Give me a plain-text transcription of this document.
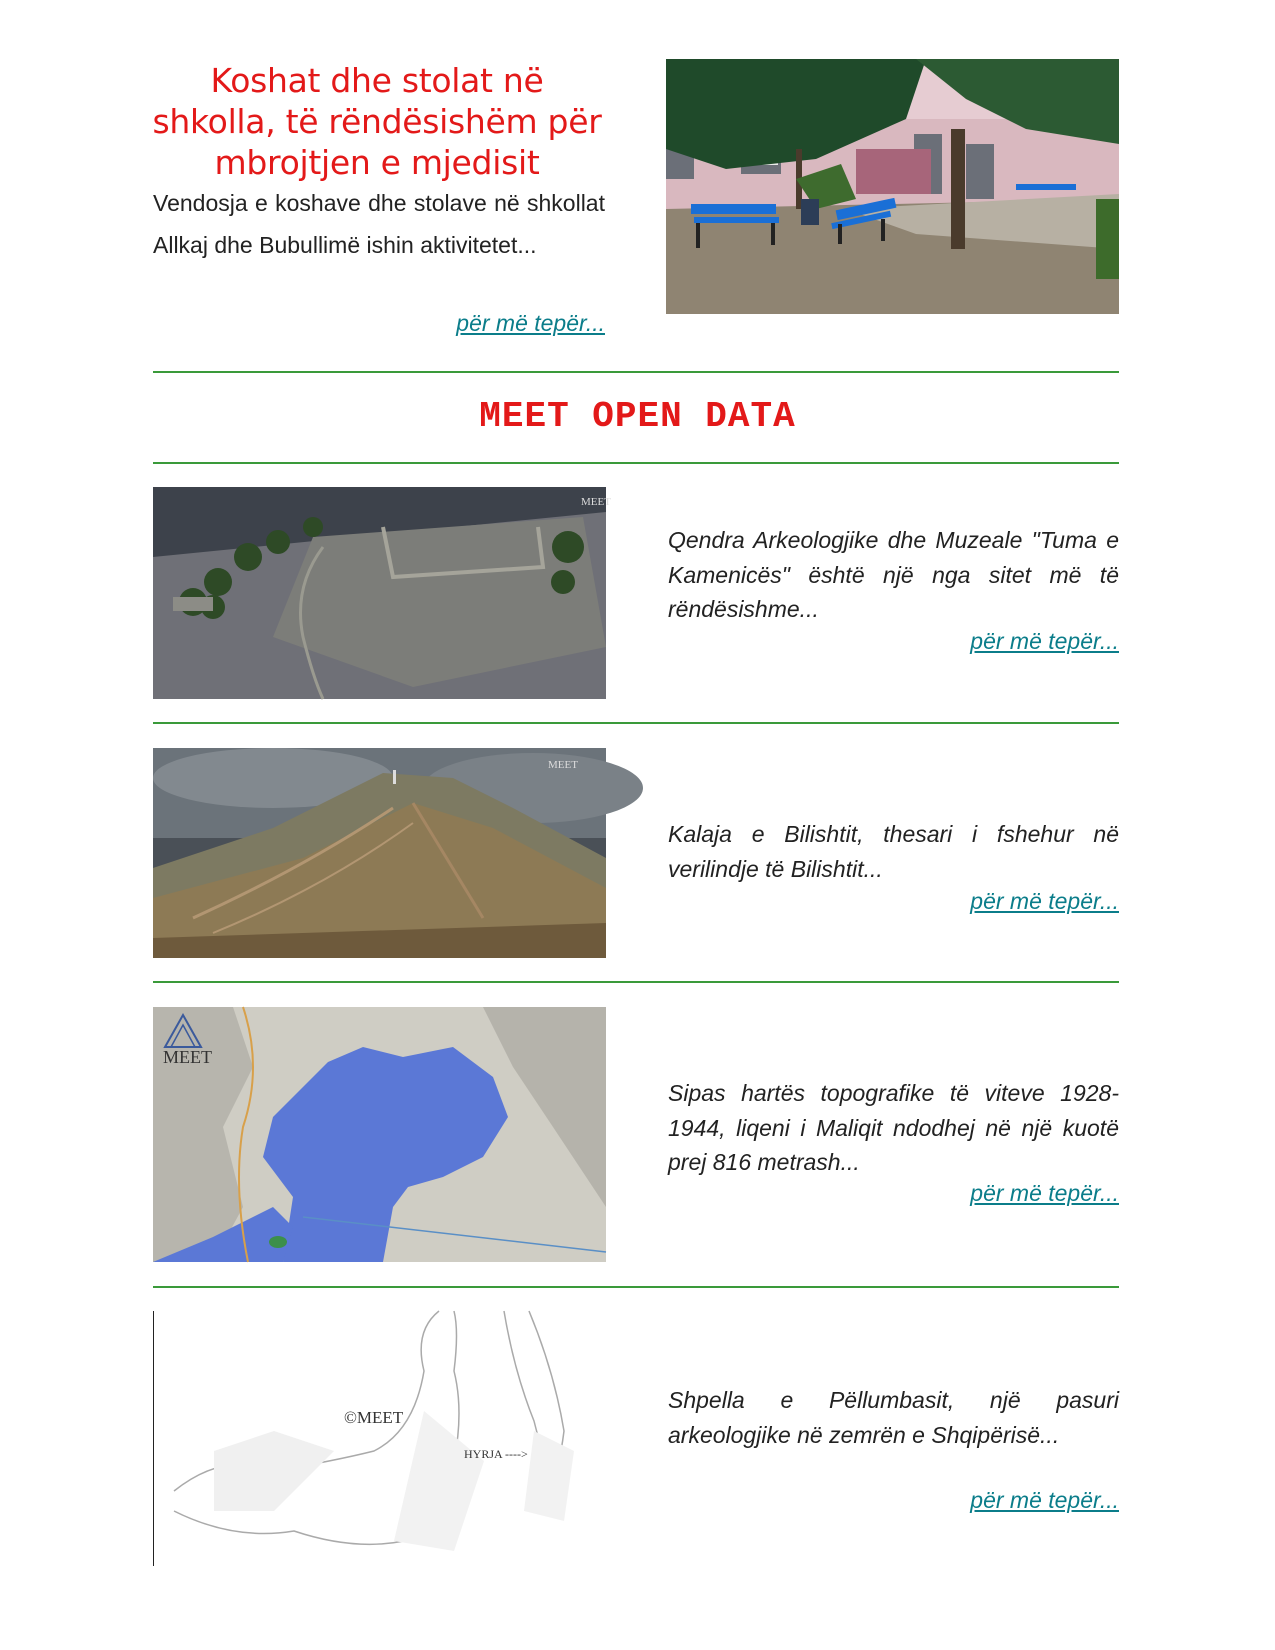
Koshat dhe stolat në shkolla, të rëndësishëm për mbrojtjen e mjedisit

Vendosja e koshave dhe stolave në shkollat Allkaj dhe Bubullimë ishin aktivitetet...

për më tepër...
MEET OPEN DATA
MEET

Qendra Arkeologjike dhe Muzeale "Tuma e Kamenicës" është një nga sitet më të rëndësishme...

për më tepër...
MEET

Kalaja e Bilishtit, thesari i fshehur në verilindje të Bilishtit...

për më tepër...
MEET

Sipas hartës topografike të viteve 1928-1944, liqeni i Maliqit ndodhej në një kuotë prej 816 metrash...

për më tepër...
©MEET
HYRJA ---->

Shpella e Pëllumbasit, një pasuri arkeologjike në zemrën e Shqipërisë...

për më tepër...
